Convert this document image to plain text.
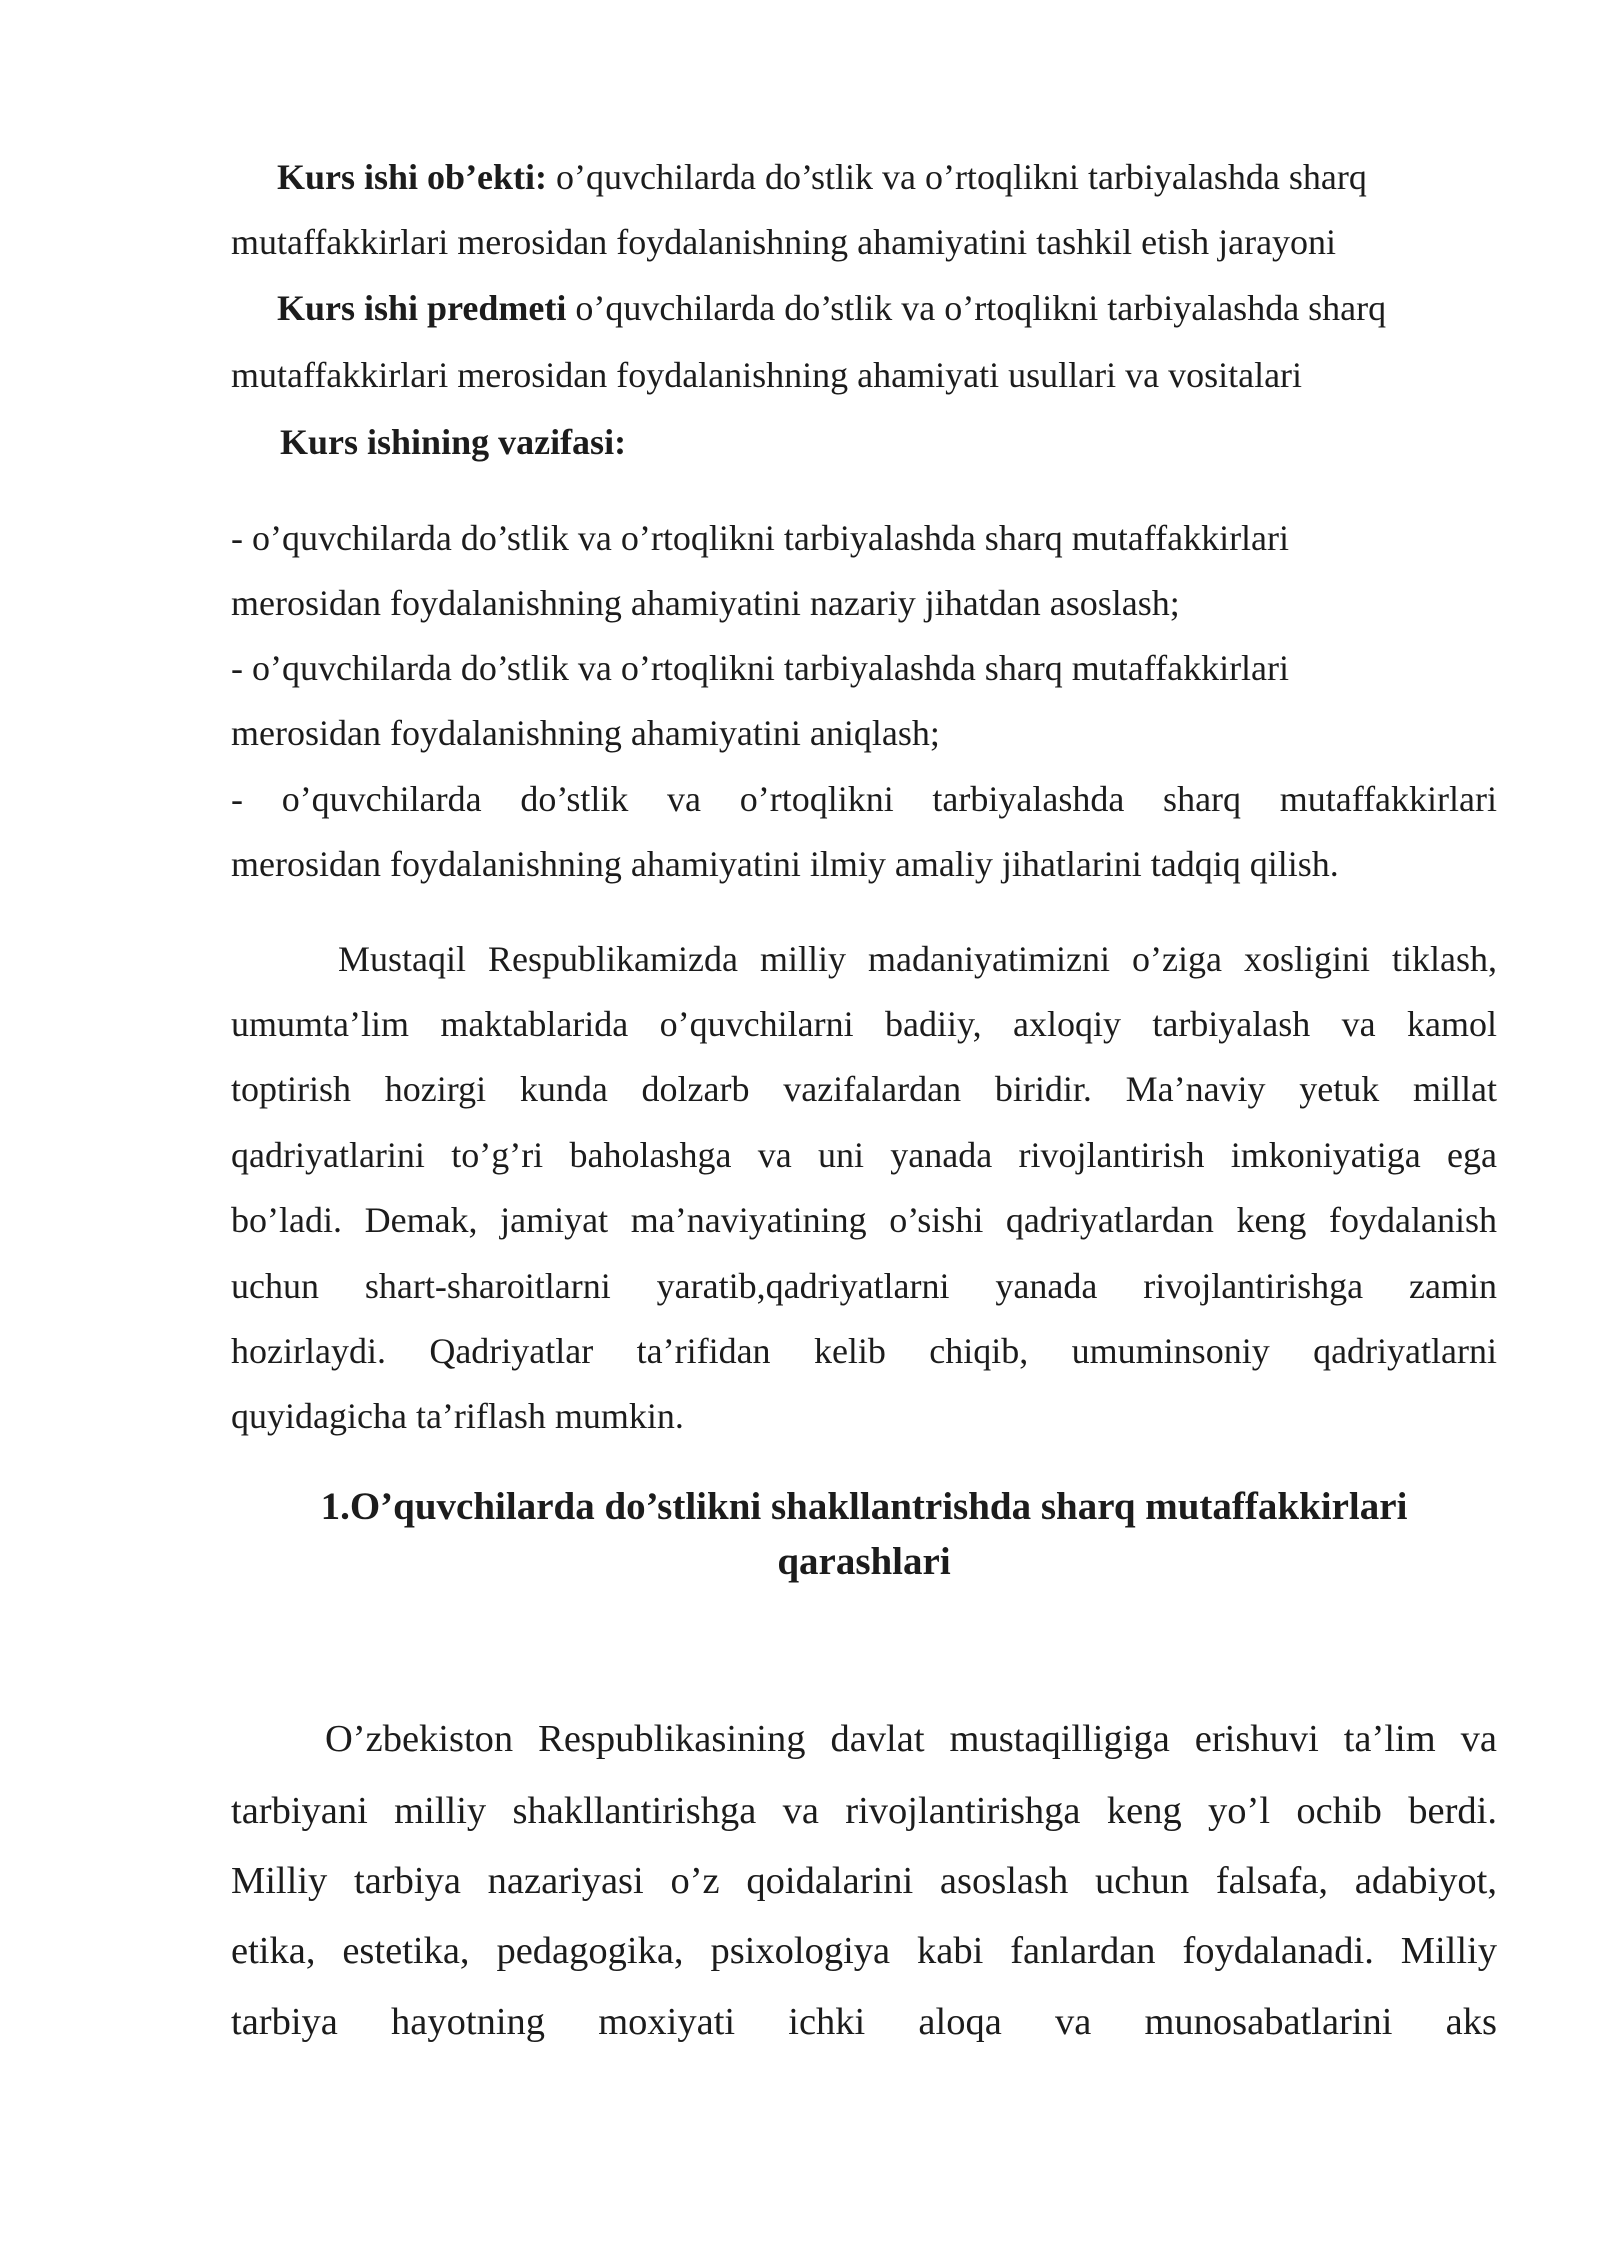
Kurs ishi ob’ekti: o’quvchilarda do’stlik va o’rtoqlikni tarbiyalashda sharq
mutaffakkirlari merosidan foydalanishning ahamiyatini tashkil etish jarayoni
Kurs ishi predmeti o’quvchilarda do’stlik va o’rtoqlikni tarbiyalashda sharq
mutaffakkirlari merosidan foydalanishning ahamiyati usullari va vositalari
Kurs ishining vazifasi:
- o’quvchilarda do’stlik va o’rtoqlikni tarbiyalashda sharq mutaffakkirlari
merosidan foydalanishning ahamiyatini nazariy jihatdan asoslash;
- o’quvchilarda do’stlik va o’rtoqlikni tarbiyalashda sharq mutaffakkirlari
merosidan foydalanishning ahamiyatini aniqlash;
- o’quvchilarda do’stlik va o’rtoqlikni tarbiyalashda sharq mutaffakkirlari
merosidan foydalanishning ahamiyatini ilmiy amaliy jihatlarini tadqiq qilish.
Mustaqil Respublikamizda milliy madaniyatimizni o’ziga xosligini tiklash,
umumta’lim maktablarida o’quvchilarni badiiy, axloqiy tarbiyalash va kamol
toptirish hozirgi kunda dolzarb vazifalardan biridir. Ma’naviy yetuk millat
qadriyatlarini to’g’ri baholashga va uni yanada rivojlantirish imkoniyatiga ega
bo’ladi. Demak, jamiyat ma’naviyatining o’sishi qadriyatlardan keng foydalanish
uchun shart-sharoitlarni yaratib,qadriyatlarni yanada rivojlantirishga zamin
hozirlaydi. Qadriyatlar ta’rifidan kelib chiqib, umuminsoniy qadriyatlarni
quyidagicha ta’riflash mumkin.
1.O’quvchilarda do’stlikni shakllantrishda sharq mutaffakkirlari
qarashlari
O’zbekiston Respublikasining davlat mustaqilligiga erishuvi ta’lim va
tarbiyani milliy shakllantirishga va rivojlantirishga keng yo’l ochib berdi.
Milliy tarbiya nazariyasi o’z qoidalarini asoslash uchun falsafa, adabiyot,
etika, estetika, pedagogika, psixologiya kabi fanlardan foydalanadi. Milliy
tarbiya hayotning moxiyati ichki aloqa va munosabatlarini aks
